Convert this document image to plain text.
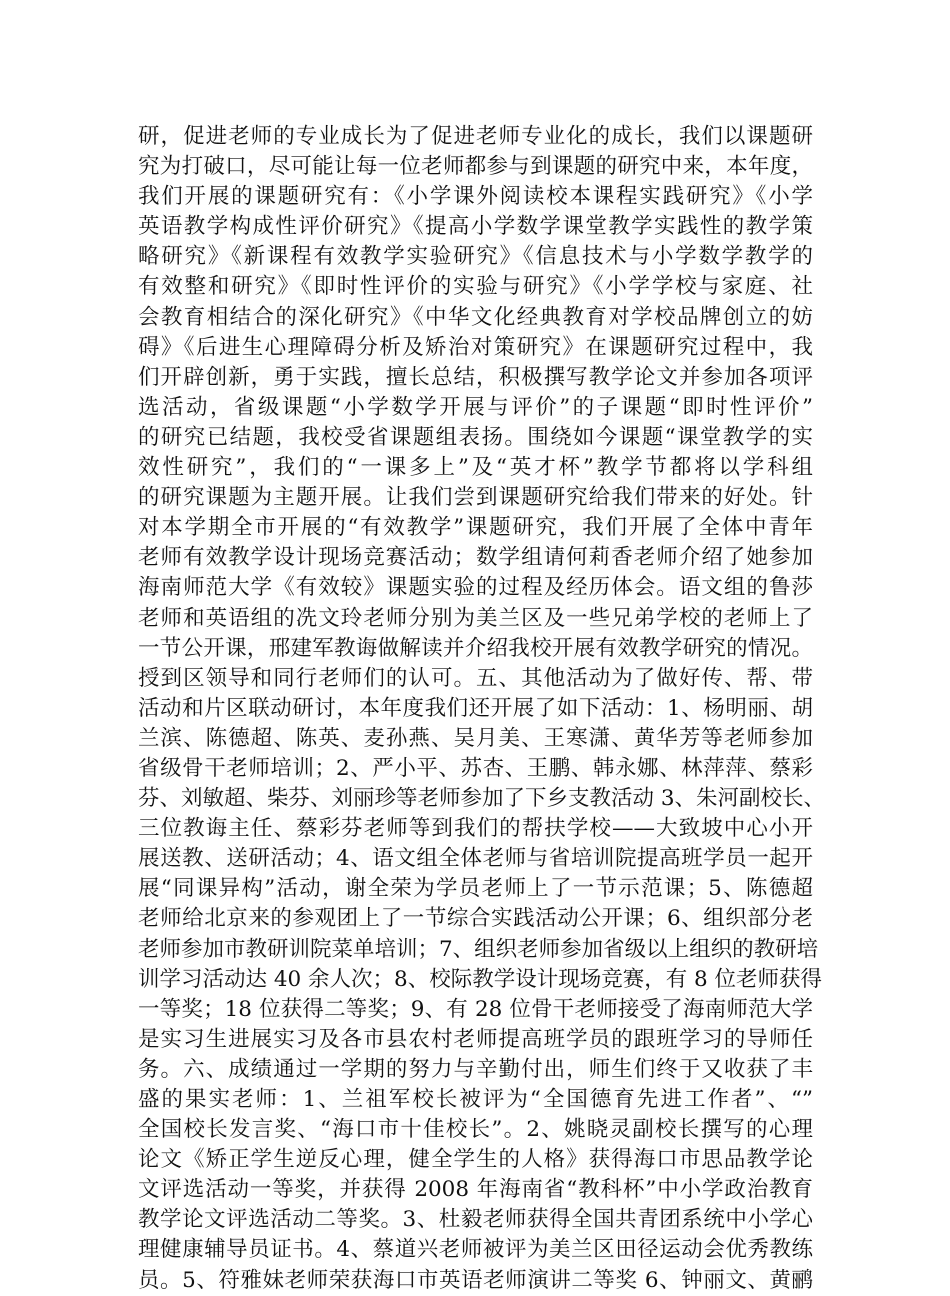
研，促进老师的专业成长为了促进老师专业化的成长，我们以课题研
究为打破口，尽可能让每一位老师都参与到课题的研究中来，本年度，
我们开展的课题研究有：《小学课外阅读校本课程实践研究》《小学
英语教学构成性评价研究》《提高小学数学课堂教学实践性的教学策
略研究》《新课程有效教学实验研究》《信息技术与小学数学教学的
有效整和研究》《即时性评价的实验与研究》《小学学校与家庭、社
会教育相结合的深化研究》《中华文化经典教育对学校品牌创立的妨
碍》《后进生心理障碍分析及矫治对策研究》在课题研究过程中，我
们开辟创新，勇于实践，擅长总结，积极撰写教学论文并参加各项评
选活动，省级课题“小学数学开展与评价”的子课题“即时性评价”
的研究已结题，我校受省课题组表扬。围绕如今课题“课堂教学的实
效性研究”，我们的“一课多上”及“英才杯”教学节都将以学科组
的研究课题为主题开展。让我们尝到课题研究给我们带来的好处。针
对本学期全市开展的“有效教学”课题研究，我们开展了全体中青年
老师有效教学设计现场竞赛活动；数学组请何莉香老师介绍了她参加
海南师范大学《有效较》课题实验的过程及经历体会。语文组的鲁莎
老师和英语组的冼文玲老师分别为美兰区及一些兄弟学校的老师上了
一节公开课，邢建军教诲做解读并介绍我校开展有效教学研究的情况。
授到区领导和同行老师们的认可。五、其他活动为了做好传、帮、带
活动和片区联动研讨，本年度我们还开展了如下活动：1、杨明丽、胡
兰滨、陈德超、陈英、麦孙燕、吴月美、王寒潇、黄华芳等老师参加
省级骨干老师培训；2、严小平、苏杏、王鹏、韩永娜、林萍萍、蔡彩
芬、刘敏超、柴芬、刘丽珍等老师参加了下乡支教活动 3、朱河副校长、
三位教诲主任、蔡彩芬老师等到我们的帮扶学校——大致坡中心小开
展送教、送研活动；4、语文组全体老师与省培训院提高班学员一起开
展“同课异构”活动，谢全荣为学员老师上了一节示范课；5、陈德超
老师给北京来的参观团上了一节综合实践活动公开课；6、组织部分老
老师参加市教研训院菜单培训；7、组织老师参加省级以上组织的教研培
训学习活动达 40 余人次；8、校际教学设计现场竞赛，有 8 位老师获得
一等奖；18 位获得二等奖；9、有 28 位骨干老师接受了海南师范大学
是实习生进展实习及各市县农村老师提高班学员的跟班学习的导师任
务。六、成绩通过一学期的努力与辛勤付出，师生们终于又收获了丰
盛的果实老师：1、兰祖军校长被评为“全国德育先进工作者”、“”
全国校长发言奖、“海口市十佳校长”。2、姚晓灵副校长撰写的心理
论文《矫正学生逆反心理，健全学生的人格》获得海口市思品教学论
文评选活动一等奖，并获得 2008 年海南省“教科杯”中小学政治教育
教学论文评选活动二等奖。3、杜毅老师获得全国共青团系统中小学心
理健康辅导员证书。4、蔡道兴老师被评为美兰区田径运动会优秀教练
员。5、符雅妹老师荣获海口市英语老师演讲二等奖 6、钟丽文、黄鹂
